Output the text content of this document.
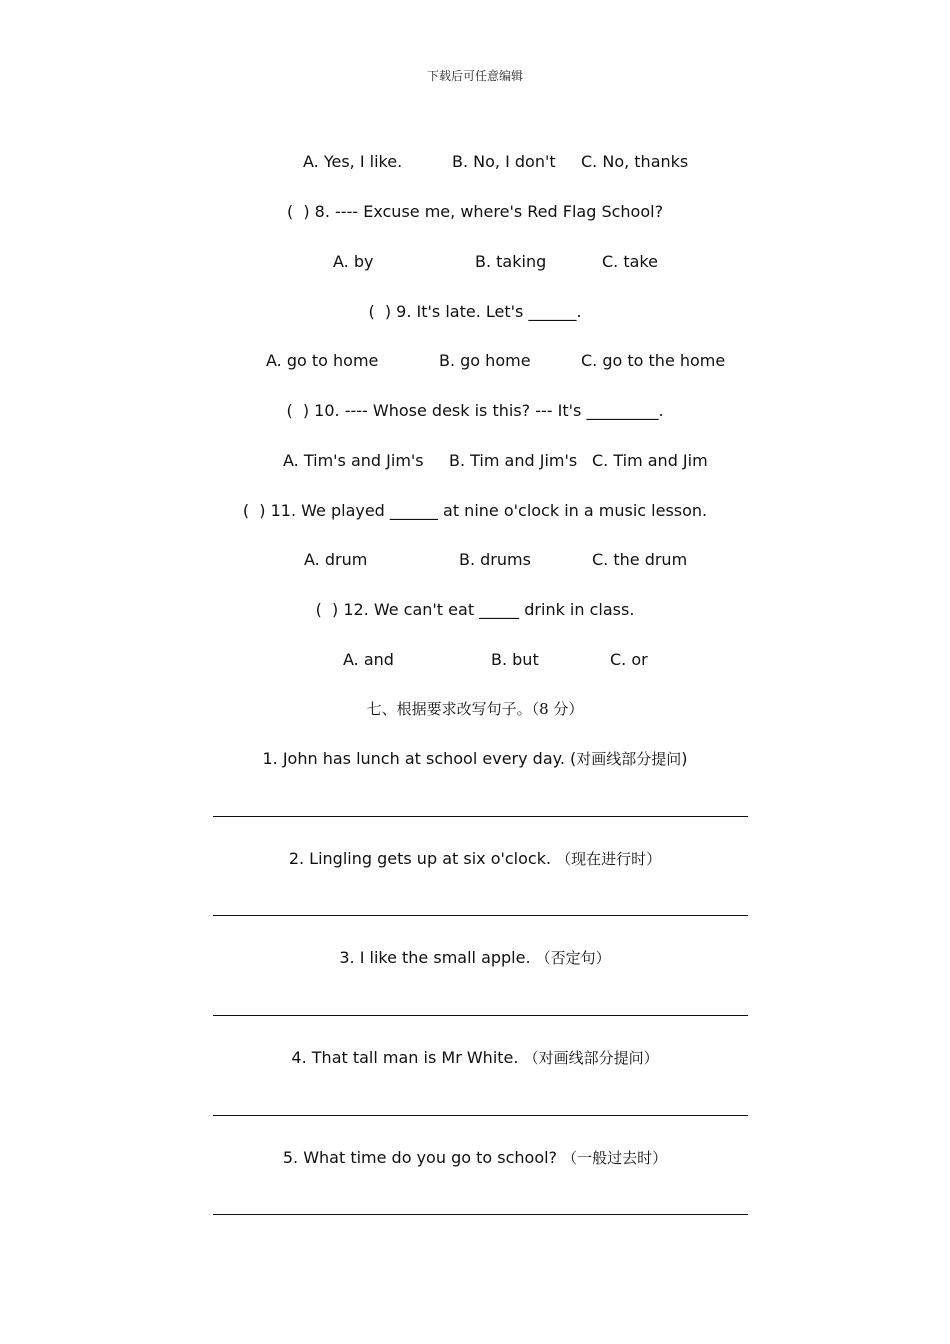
下载后可任意编辑
A. Yes, I like.	B. No, I don't C. No, thanks
(  ) 8. ---- Excuse me, where's Red Flag School?
A. by	B. taking	C. take
(  ) 9. It's late. Let's ______.
A. go to home	B. go home	C. go to the home
(  ) 10. ---- Whose desk is this? --- It's _________.
A. Tim's and Jim's B. Tim and Jim's C. Tim and Jim
(  ) 11. We played ______ at nine o'clock in a music lesson.
A. drum	B. drums	C. the drum
(  ) 12. We can't eat _____ drink in class.
A. and	B. but	C. or
七、根据要求改写句子。（8 分）
1. John has lunch at school every day. (对画线部分提问)
2. Lingling gets up at six o'clock. （现在进行时）
3. I like the small apple. （否定句）
4. That tall man is Mr White. （对画线部分提问）
5. What time do you go to school? （一般过去时）
